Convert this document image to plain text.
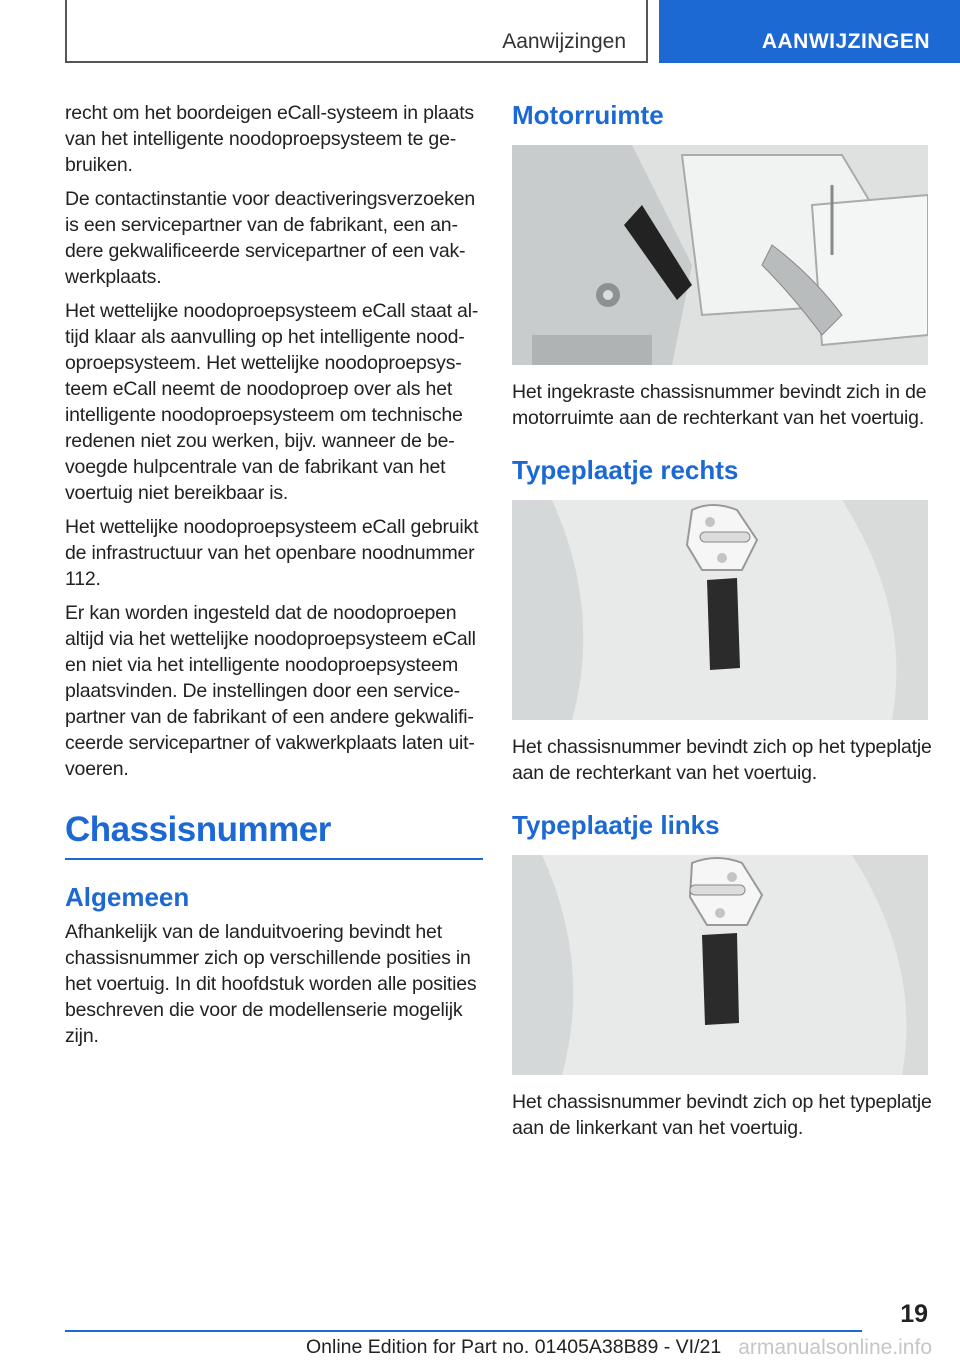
Aanwijzingen	AANWIJZINGEN

recht om het boordeigen eCall-systeem in plaats van het intelligente noodoproepsysteem te gebruiken.

De contactinstantie voor deactiveringsverzoeken is een servicepartner van de fabrikant, een andere gekwalificeerde servicepartner of een vakwerkplaats.

Het wettelijke noodoproepsysteem eCall staat altijd klaar als aanvulling op het intelligente noodoproepsysteem. Het wettelijke noodoproepsysteem eCall neemt de noodoproep over als het intelligente noodoproepsysteem om technische redenen niet zou werken, bijv. wanneer de bevoegde hulpcentrale van de fabrikant van het voertuig niet bereikbaar is.

Het wettelijke noodoproepsysteem eCall gebruikt de infrastructuur van het openbare noodnummer 112.

Er kan worden ingesteld dat de noodoproepen altijd via het wettelijke noodoproepsysteem eCall en niet via het intelligente noodoproepsysteem plaatsvinden. De instellingen door een servicepartner van de fabrikant of een andere gekwalificeerde servicepartner of vakwerkplaats laten uitvoeren.

Chassisnummer
Algemeen

Afhankelijk van de landuitvoering bevindt het chassisnummer zich op verschillende posities in het voertuig. In dit hoofdstuk worden alle posities beschreven die voor de modellenserie mogelijk zijn.

Motorruimte

Het ingekraste chassisnummer bevindt zich in de motorruimte aan de rechterkant van het voertuig.

Typeplaatje rechts

Het chassisnummer bevindt zich op het typeplatje aan de rechterkant van het voertuig.

Typeplaatje links

Het chassisnummer bevindt zich op het typeplatje aan de linkerkant van het voertuig.

19
Online Edition for Part no. 01405A38B89 - VI/21 armanualsonline.info
